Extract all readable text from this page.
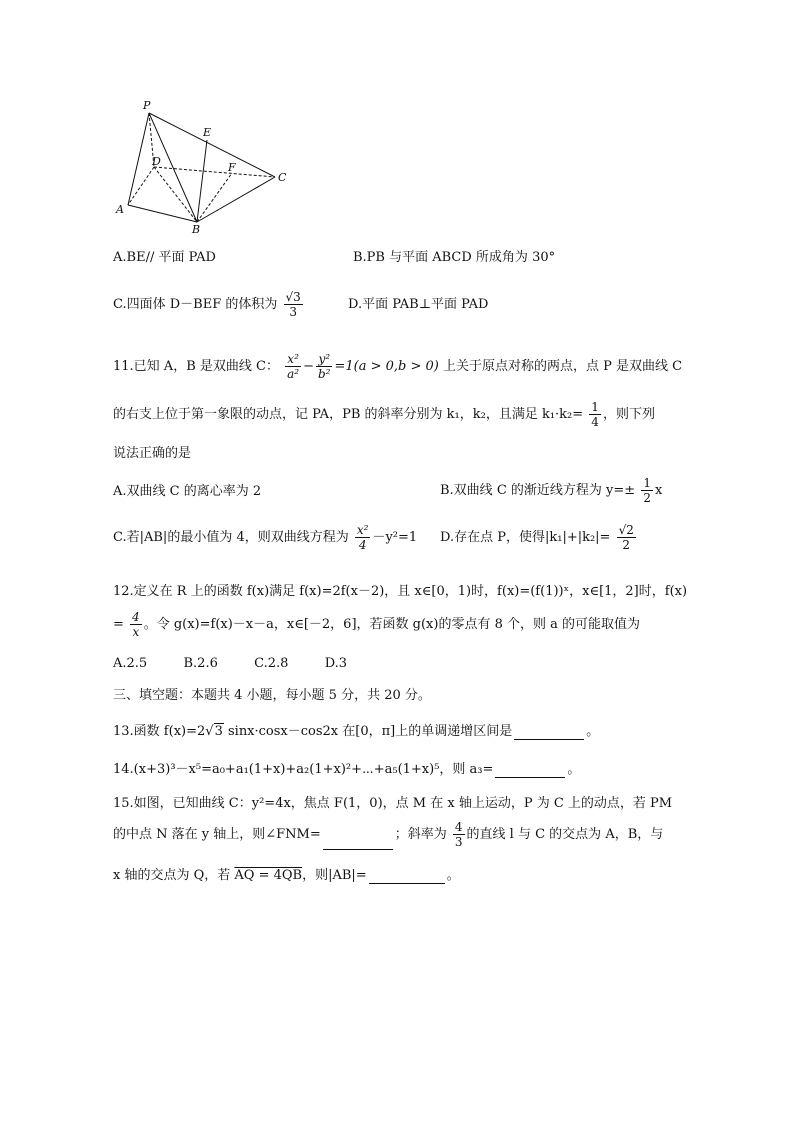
P
E
D	F
C
A
B
A.BE// 平面 PAD	B.PB 与平面 ABCD 所成角为 30°
C.四面体 D－BEF 的体积为 $\frac{√3}{3}$	D.平面 PAB⊥平面 PAD
11.已知 A，B 是双曲线 C： $\frac{\text{x²}}{\text{a²}} - \frac{\text{y²}}{\text{b²}} =1(a > 0,b > 0)$ 上关于原点对称的两点，点 P 是双曲线 C
的右支上位于第一象限的动点，记 PA，PB 的斜率分别为 k₁，k₂，且满足 $k_1\cdot k_2= \frac{1}{4}$ ，则下列
说法正确的是
A.双曲线 C 的离心率为 2	B.双曲线 C 的渐近线方程为 $y=\pm \frac{1}{2}$ x
C.若|AB|的最小值为 4，则双曲线方程为 $\frac{\text{x²}}{4} -y^2=1$ D.存在点 P，使得$|k_1|+|k_2|= \frac{√2}{2}$
12.定义在 R 上的函数 f(x)满足 f(x)=2f(x－2)，且 x∈[0，1)时，f(x)=(f(1))ˣ，x∈[1，2]时，f(x)
= $\frac{4}{x}$ 。令 g(x)=f(x)－x－a，x∈[－2，6]，若函数 g(x)的零点有 8 个，则 a 的可能取值为
A.2.5	B.2.6	C.2.8	D.3
三、填空题：本题共 4 小题，每小题 5 分，共 20 分。
13.函数 f(x)=2√3 sinx·cosx－cos2x 在[0，π]上的单调递增区间是	。
14.(x+3)³－x⁵=a₀+a₁(1+x)+a₂(1+x)²+⋯+a₅(1+x)⁵，则 a₃=	。
15.如图，已知曲线 C：y²=4x，焦点 F(1，0)，点 M 在 x 轴上运动，P 为 C 上的动点，若 PM
的中点 N 落在 y 轴上，则∠FNM=	；斜率为 $\frac{4}{3}$ 的直线 l 与 C 的交点为 A，B，与
x 轴的交点为 Q，若 AQ = 4QB，则|AB|=	。
